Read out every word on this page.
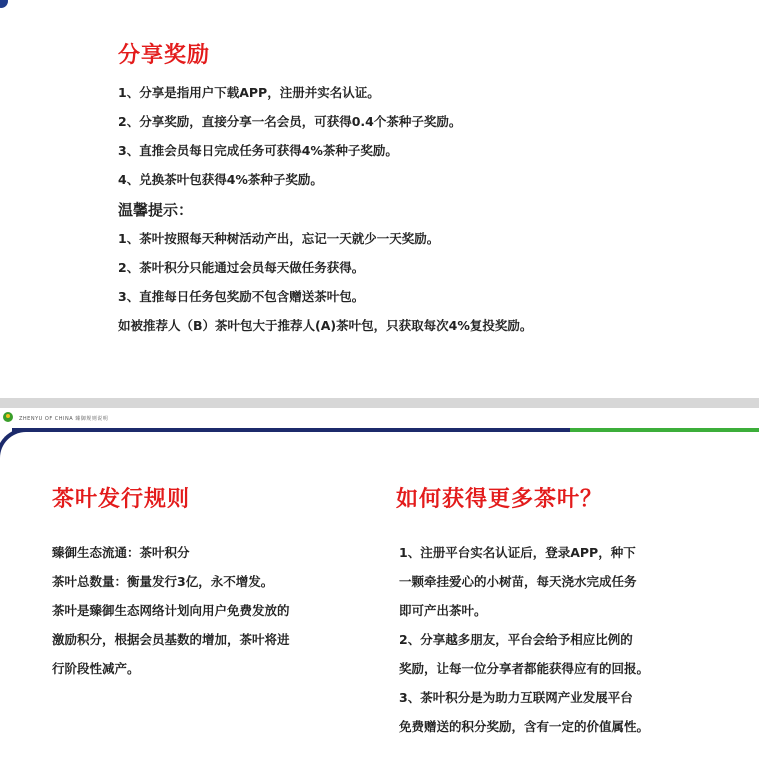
分享奖励
1、分享是指用户下载APP，注册并实名认证。
2、分享奖励，直接分享一名会员，可获得0.4个茶种子奖励。
3、直推会员每日完成任务可获得4%茶种子奖励。
4、兑换茶叶包获得4%茶种子奖励。
温馨提示：
1、茶叶按照每天种树活动产出，忘记一天就少一天奖励。
2、茶叶积分只能通过会员每天做任务获得。
3、直推每日任务包奖励不包含赠送茶叶包。
如被推荐人（B）茶叶包大于推荐人(A)茶叶包，只获取每次4%复投奖励。
ZHENYU OF CHINA 臻御规则说明
茶叶发行规则	如何获得更多茶叶？
臻御生态流通：茶叶积分
茶叶总数量：衡量发行3亿，永不增发。
茶叶是臻御生态网络计划向用户免费发放的
激励积分，根据会员基数的增加，茶叶将进
行阶段性减产。
1、注册平台实名认证后，登录APP，种下
一颗牵挂爱心的小树苗，每天浇水完成任务
即可产出茶叶。
2、分享越多朋友，平台会给予相应比例的
奖励，让每一位分享者都能获得应有的回报。
3、茶叶积分是为助力互联网产业发展平台
免费赠送的积分奖励，含有一定的价值属性。
